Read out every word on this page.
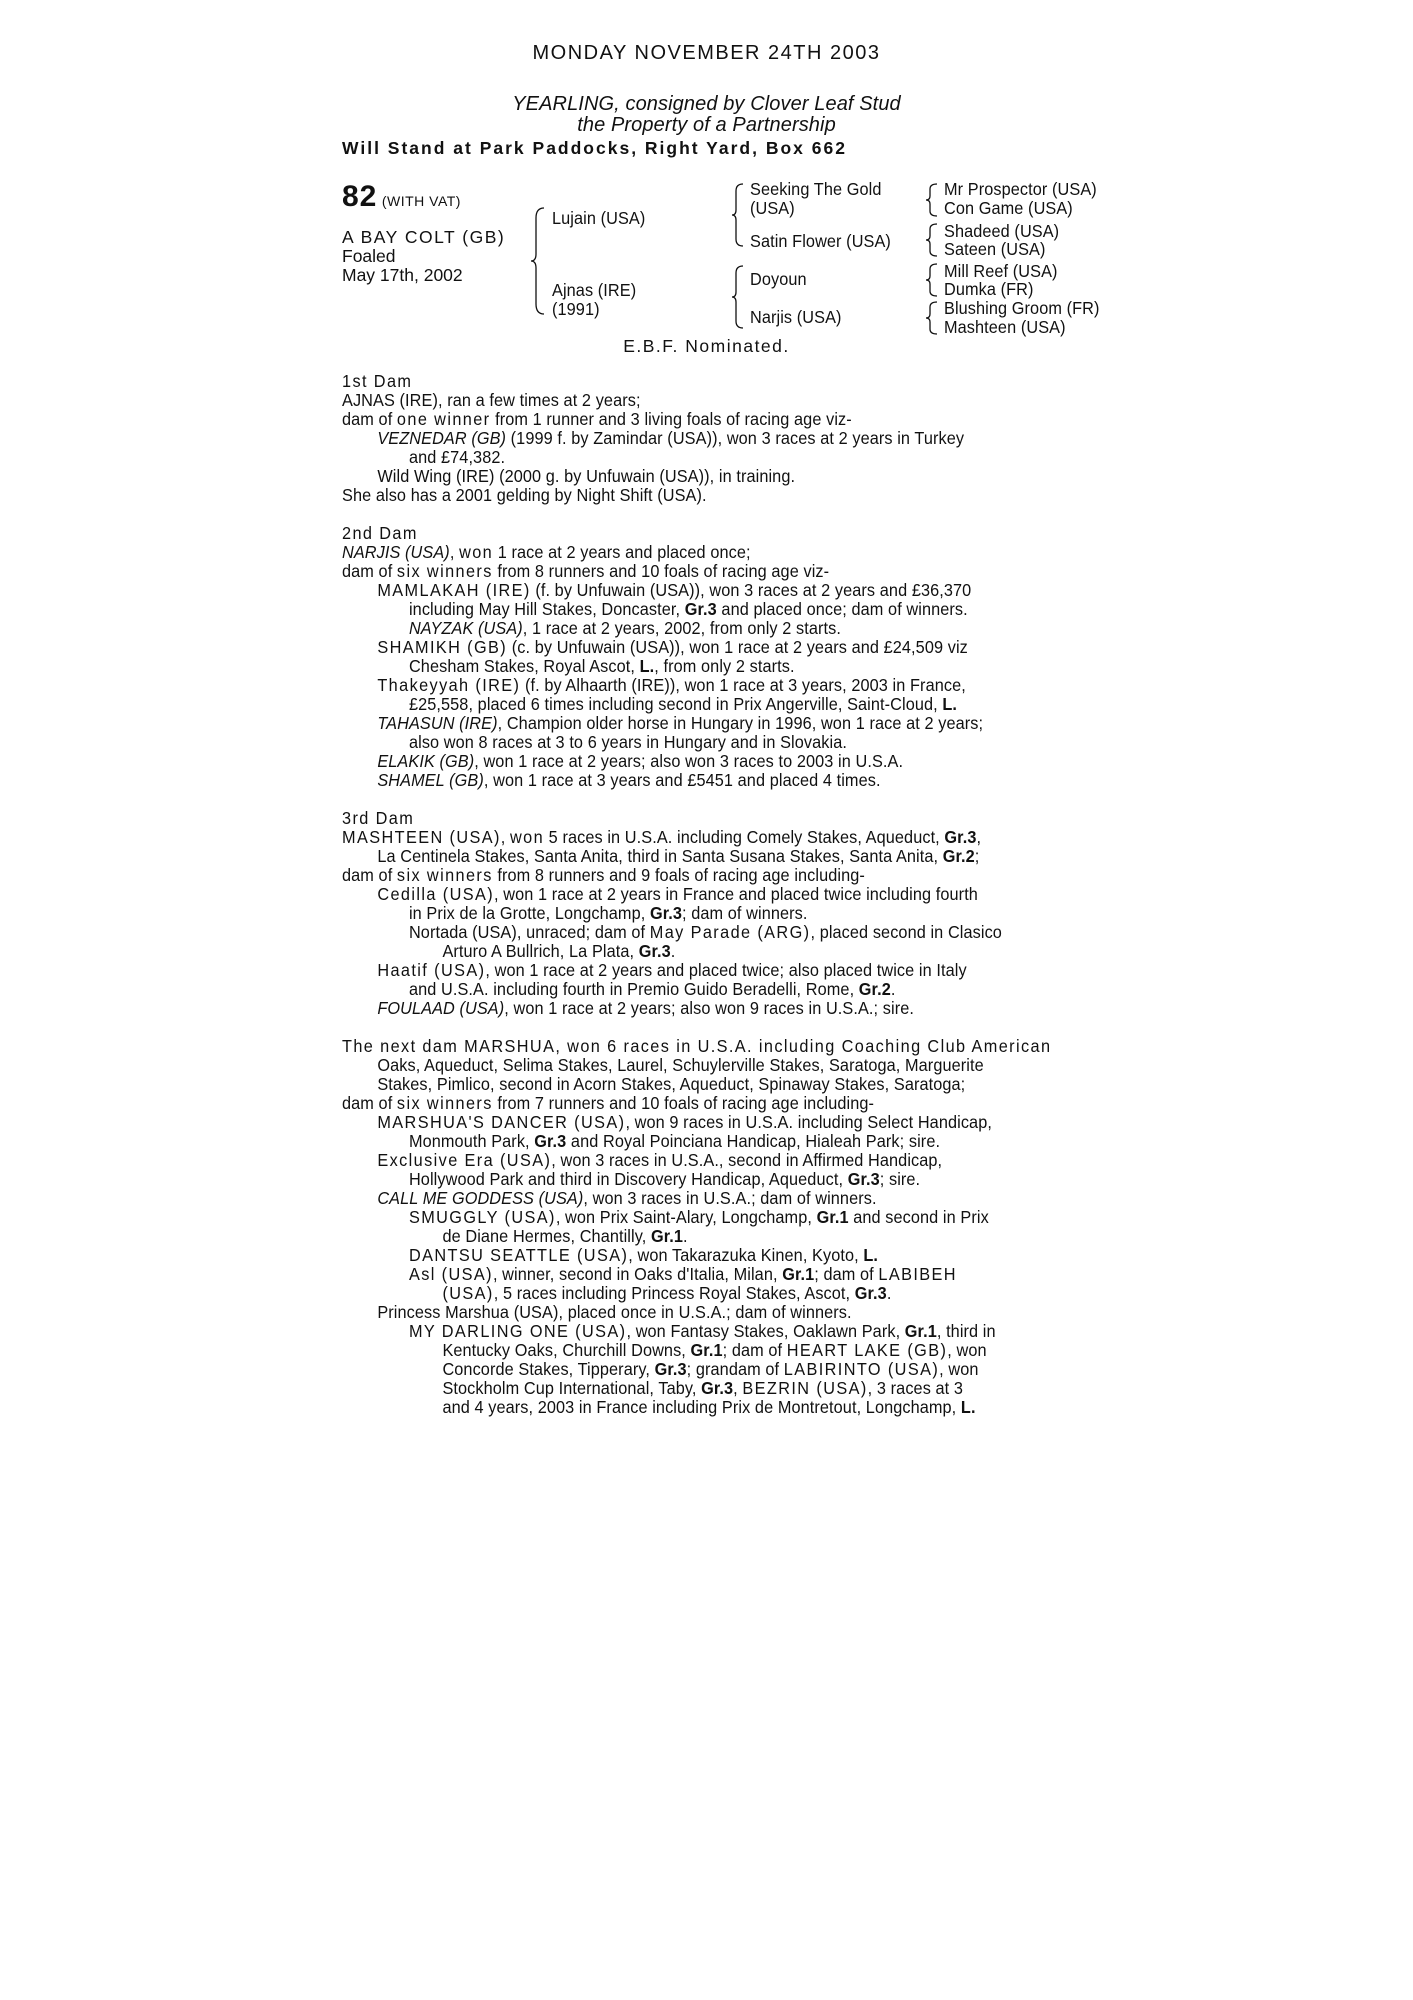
MONDAY NOVEMBER 24TH 2003
YEARLING, consigned by Clover Leaf Stud
the Property of a Partnership
Will Stand at Park Paddocks, Right Yard, Box 662
82 (WITH VAT)
A BAY COLT (GB)
Foaled
May 17th, 2002
Lujain (USA)
Ajnas (IRE)
(1991)
Seeking The Gold
(USA)
Satin Flower (USA)
Doyoun
Narjis (USA)
Mr Prospector (USA)
Con Game (USA)
Shadeed (USA)
Sateen (USA)
Mill Reef (USA)
Dumka (FR)
Blushing Groom (FR)
Mashteen (USA)
E.B.F. Nominated.

1st Dam

AJNAS (IRE), ran a few times at 2 years;

dam of one winner from 1 runner and 3 living foals of racing age viz-

VEZNEDAR (GB) (1999 f. by Zamindar (USA)), won 3 races at 2 years in Turkey

and £74,382.

Wild Wing (IRE) (2000 g. by Unfuwain (USA)), in training.

She also has a 2001 gelding by Night Shift (USA).

2nd Dam

NARJIS (USA), won 1 race at 2 years and placed once;

dam of six winners from 8 runners and 10 foals of racing age viz-

MAMLAKAH (IRE) (f. by Unfuwain (USA)), won 3 races at 2 years and £36,370

including May Hill Stakes, Doncaster, Gr.3 and placed once; dam of winners.

NAYZAK (USA), 1 race at 2 years, 2002, from only 2 starts.

SHAMIKH (GB) (c. by Unfuwain (USA)), won 1 race at 2 years and £24,509 viz

Chesham Stakes, Royal Ascot, L., from only 2 starts.

Thakeyyah (IRE) (f. by Alhaarth (IRE)), won 1 race at 3 years, 2003 in France,

£25,558, placed 6 times including second in Prix Angerville, Saint-Cloud, L.

TAHASUN (IRE), Champion older horse in Hungary in 1996, won 1 race at 2 years;

also won 8 races at 3 to 6 years in Hungary and in Slovakia.

ELAKIK (GB), won 1 race at 2 years; also won 3 races to 2003 in U.S.A.

SHAMEL (GB), won 1 race at 3 years and £5451 and placed 4 times.

3rd Dam

MASHTEEN (USA), won 5 races in U.S.A. including Comely Stakes, Aqueduct, Gr.3,

La Centinela Stakes, Santa Anita, third in Santa Susana Stakes, Santa Anita, Gr.2;

dam of six winners from 8 runners and 9 foals of racing age including-

Cedilla (USA), won 1 race at 2 years in France and placed twice including fourth

in Prix de la Grotte, Longchamp, Gr.3; dam of winners.

Nortada (USA), unraced; dam of May Parade (ARG), placed second in Clasico

Arturo A Bullrich, La Plata, Gr.3.

Haatif (USA), won 1 race at 2 years and placed twice; also placed twice in Italy

and U.S.A. including fourth in Premio Guido Beradelli, Rome, Gr.2.

FOULAAD (USA), won 1 race at 2 years; also won 9 races in U.S.A.; sire.

The next dam MARSHUA, won 6 races in U.S.A. including Coaching Club American

Oaks, Aqueduct, Selima Stakes, Laurel, Schuylerville Stakes, Saratoga, Marguerite

Stakes, Pimlico, second in Acorn Stakes, Aqueduct, Spinaway Stakes, Saratoga;

dam of six winners from 7 runners and 10 foals of racing age including-

MARSHUA'S DANCER (USA), won 9 races in U.S.A. including Select Handicap,

Monmouth Park, Gr.3 and Royal Poinciana Handicap, Hialeah Park; sire.

Exclusive Era (USA), won 3 races in U.S.A., second in Affirmed Handicap,

Hollywood Park and third in Discovery Handicap, Aqueduct, Gr.3; sire.

CALL ME GODDESS (USA), won 3 races in U.S.A.; dam of winners.

SMUGGLY (USA), won Prix Saint-Alary, Longchamp, Gr.1 and second in Prix

de Diane Hermes, Chantilly, Gr.1.

DANTSU SEATTLE (USA), won Takarazuka Kinen, Kyoto, L.

Asl (USA), winner, second in Oaks d'Italia, Milan, Gr.1; dam of LABIBEH

(USA), 5 races including Princess Royal Stakes, Ascot, Gr.3.

Princess Marshua (USA), placed once in U.S.A.; dam of winners.

MY DARLING ONE (USA), won Fantasy Stakes, Oaklawn Park, Gr.1, third in

Kentucky Oaks, Churchill Downs, Gr.1; dam of HEART LAKE (GB), won

Concorde Stakes, Tipperary, Gr.3; grandam of LABIRINTO (USA), won

Stockholm Cup International, Taby, Gr.3, BEZRIN (USA), 3 races at 3

and 4 years, 2003 in France including Prix de Montretout, Longchamp, L.
